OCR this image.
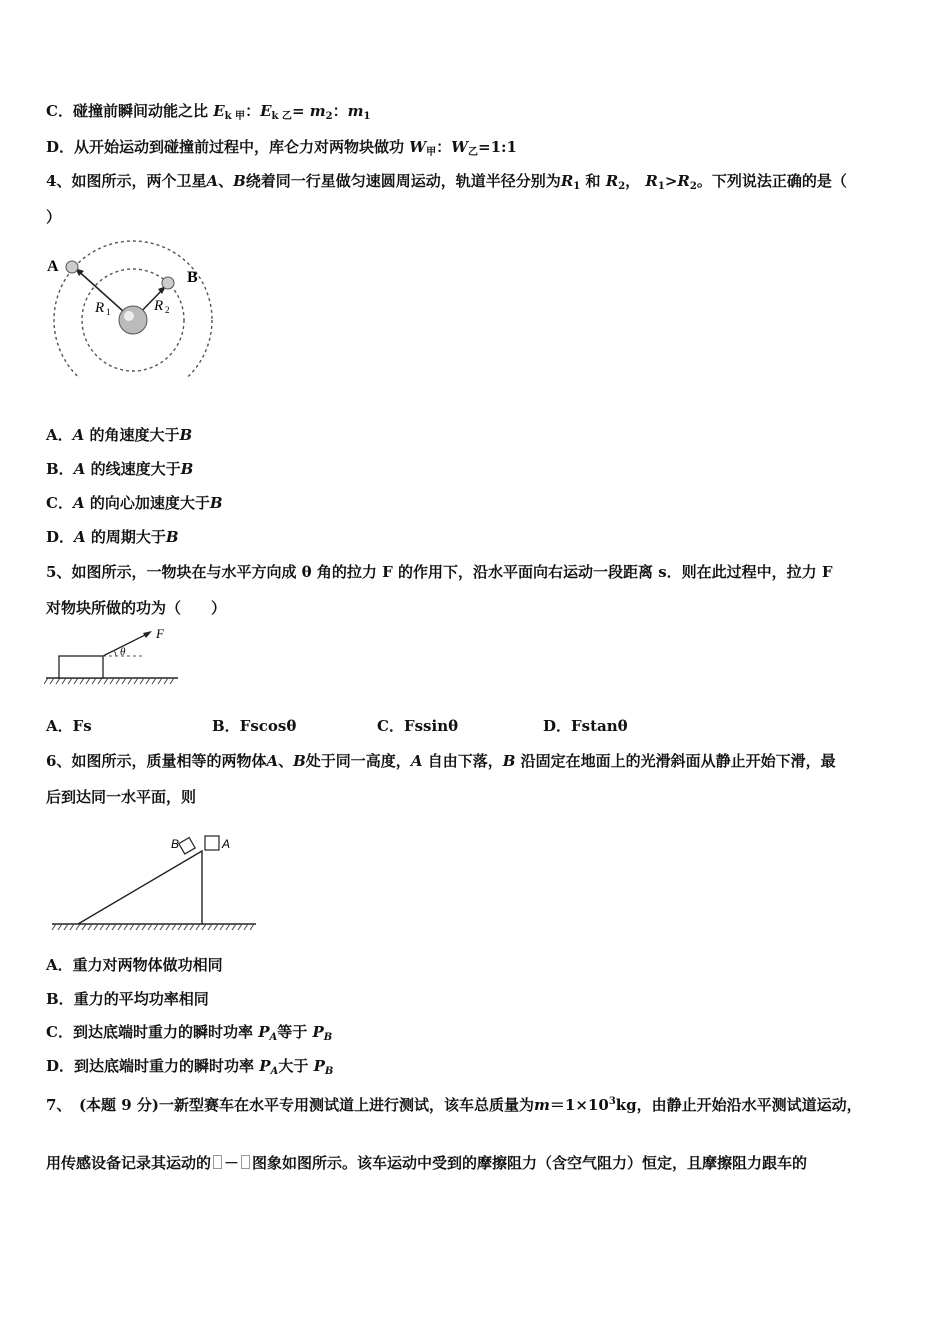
C．碰撞前瞬间动能之比 $E_{k 甲}$：$E_{k 乙}= m_2$：$m_1$
D．从开始运动到碰撞前过程中，库仑力对两物块做功 $W_甲$：$W_乙=1:1$
4、如图所示，两个卫星A、B绕着同一行星做匀速圆周运动，轨道半径分别为$R_1$ 和 $R_2$， $R_1>R_2$。下列说法正确的是（
）
A
B
R 1	R 2
A．A 的角速度大于B
B．A 的线速度大于B
C．A 的向心加速度大于B
D．A 的周期大于B
5、如图所示，一物块在与水平方向成 θ 角的拉力 F 的作用下，沿水平面向右运动一段距离 s．则在此过程中，拉力 F
对物块所做的功为（　　）
F
θ
A．Fs	B．Fscosθ	C．Fssinθ	D．Fstanθ
6、如图所示，质量相等的两物体A、B处于同一高度，A 自由下落，B 沿固定在地面上的光滑斜面从静止开始下滑，最
后到达同一水平面，则
B	A
A．重力对两物体做功相同
B．重力的平均功率相同
C．到达底端时重力的瞬时功率 $P_A$等于 $P_B$
D．到达底端时重力的瞬时功率 $P_A$大于 $P_B$
7、　 (本题 9 分)一新型赛车在水平专用测试道上进行测试，该车总质量为$m=1\times 10^3kg$，由静止开始沿水平测试道运动，
用传感设备记录其运动的 － 图象如图所示。该车运动中受到的摩擦阻力（含空气阻力）恒定，且摩擦阻力跟车的
